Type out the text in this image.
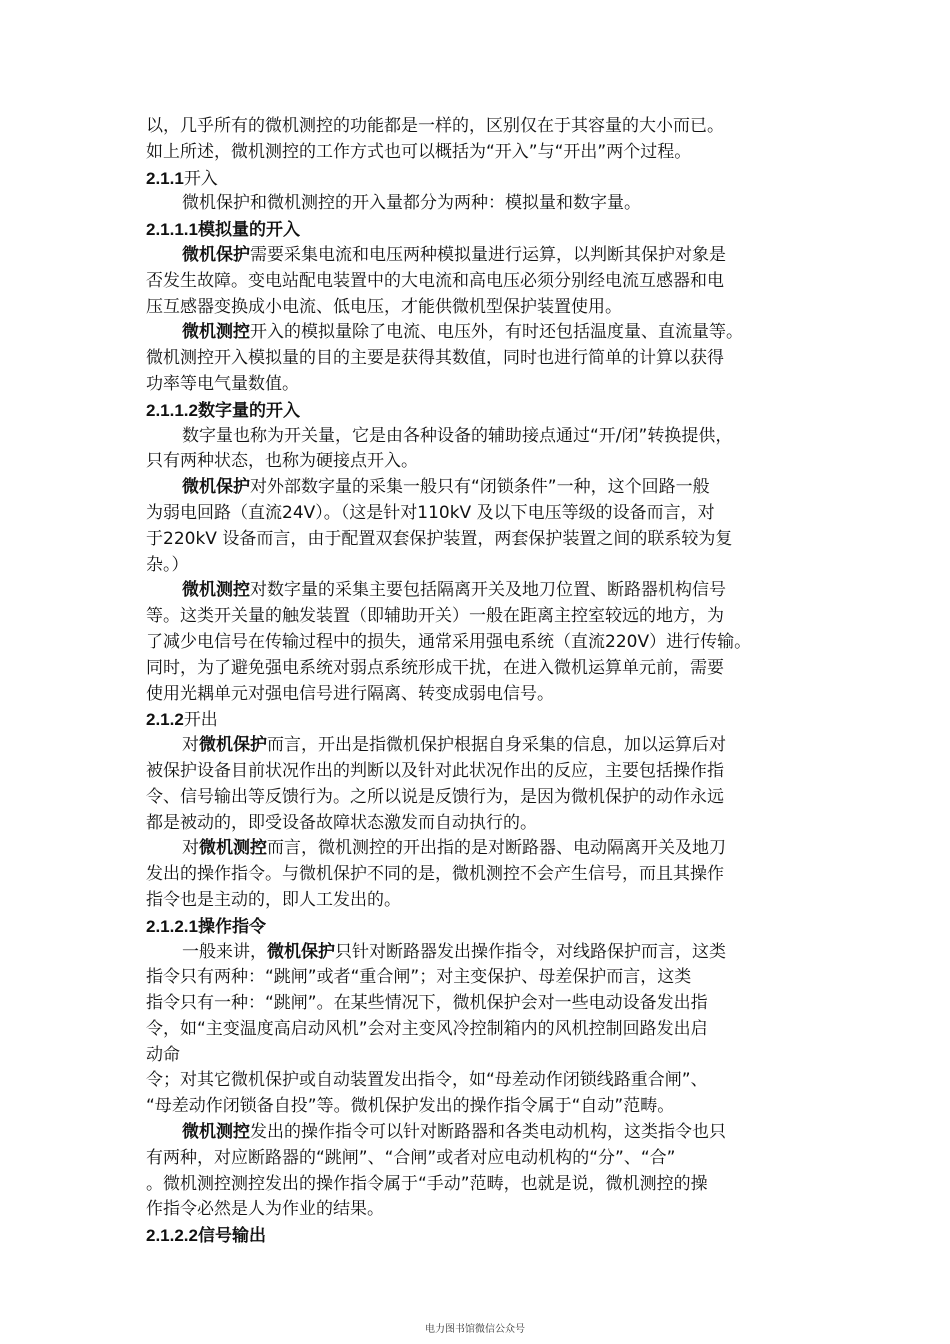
以，几乎所有的微机测控的功能都是一样的，区别仅在于其容量的大小而已。
如上所述，微机测控的工作方式也可以概括为“开入”与“开出”两个过程。
2.1.1开入
微机保护和微机测控的开入量都分为两种：模拟量和数字量。
2.1.1.1模拟量的开入
微机保护需要采集电流和电压两种模拟量进行运算，以判断其保护对象是
否发生故障。变电站配电装置中的大电流和高电压必须分别经电流互感器和电
压互感器变换成小电流、低电压，才能供微机型保护装置使用。
微机测控开入的模拟量除了电流、电压外，有时还包括温度量、直流量等。
微机测控开入模拟量的目的主要是获得其数值，同时也进行简单的计算以获得
功率等电气量数值。
2.1.1.2数字量的开入
数字量也称为开关量，它是由各种设备的辅助接点通过“开/闭”转换提供，
只有两种状态，也称为硬接点开入。
微机保护对外部数字量的采集一般只有“闭锁条件”一种，这个回路一般
为弱电回路（直流24V）。（这是针对110kV 及以下电压等级的设备而言，对
于220kV 设备而言，由于配置双套保护装置，两套保护装置之间的联系较为复
杂。）
微机测控对数字量的采集主要包括隔离开关及地刀位置、断路器机构信号
等。这类开关量的触发装置（即辅助开关）一般在距离主控室较远的地方，为
了减少电信号在传输过程中的损失，通常采用强电系统（直流220V）进行传输。
同时，为了避免强电系统对弱点系统形成干扰，在进入微机运算单元前，需要
使用光耦单元对强电信号进行隔离、转变成弱电信号。
2.1.2开出
对微机保护而言，开出是指微机保护根据自身采集的信息，加以运算后对
被保护设备目前状况作出的判断以及针对此状况作出的反应，主要包括操作指
令、信号输出等反馈行为。之所以说是反馈行为，是因为微机保护的动作永远
都是被动的，即受设备故障状态激发而自动执行的。
对微机测控而言，微机测控的开出指的是对断路器、电动隔离开关及地刀
发出的操作指令。与微机保护不同的是，微机测控不会产生信号，而且其操作
指令也是主动的，即人工发出的。
2.1.2.1操作指令
一般来讲，微机保护只针对断路器发出操作指令，对线路保护而言，这类
指令只有两种：“跳闸”或者“重合闸”；对主变保护、母差保护而言，这类
指令只有一种：“跳闸”。在某些情况下，微机保护会对一些电动设备发出指
令，如“主变温度高启动风机”会对主变风冷控制箱内的风机控制回路发出启
动命
令；对其它微机保护或自动装置发出指令，如“母差动作闭锁线路重合闸”、
“母差动作闭锁备自投”等。微机保护发出的操作指令属于“自动”范畴。
微机测控发出的操作指令可以针对断路器和各类电动机构，这类指令也只
有两种，对应断路器的“跳闸”、“合闸”或者对应电动机构的“分”、“合”
。微机测控测控发出的操作指令属于“手动”范畴，也就是说，微机测控的操
作指令必然是人为作业的结果。
2.1.2.2信号输出
电力图书馆微信公众号
